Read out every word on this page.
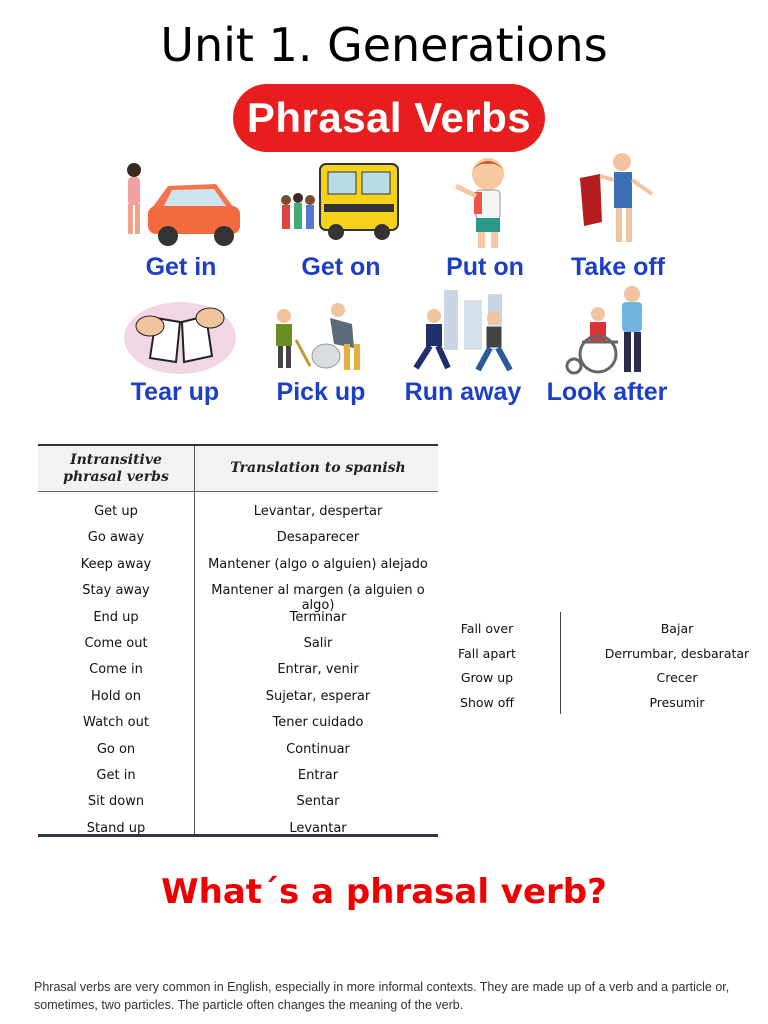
Unit 1. Generations
Phrasal Verbs
Get in	Get on	Put on	Take off
Tear up	Pick up	Run away	Look after
Intransitive phrasal verbs
Translation to spanish
Get up	Levantar, despertar
Go away	Desaparecer
Keep away	Mantener (algo o alguien) alejado
Stay away	Mantener al margen (a alguien o algo)
End up	Terminar
Come out	Salir
Come in	Entrar, venir
Hold on	Sujetar, esperar
Watch out	Tener cuidado
Go on	Continuar
Get in	Entrar
Sit down	Sentar
Stand up	Levantar
Fall over	Bajar
Fall apart	Derrumbar, desbaratar
Grow up	Crecer
Show off	Presumir
What´s a phrasal verb?
Phrasal verbs are very common in English, especially in more informal contexts. They are made up of a verb and a particle or, sometimes, two particles. The particle often changes the meaning of the verb.
